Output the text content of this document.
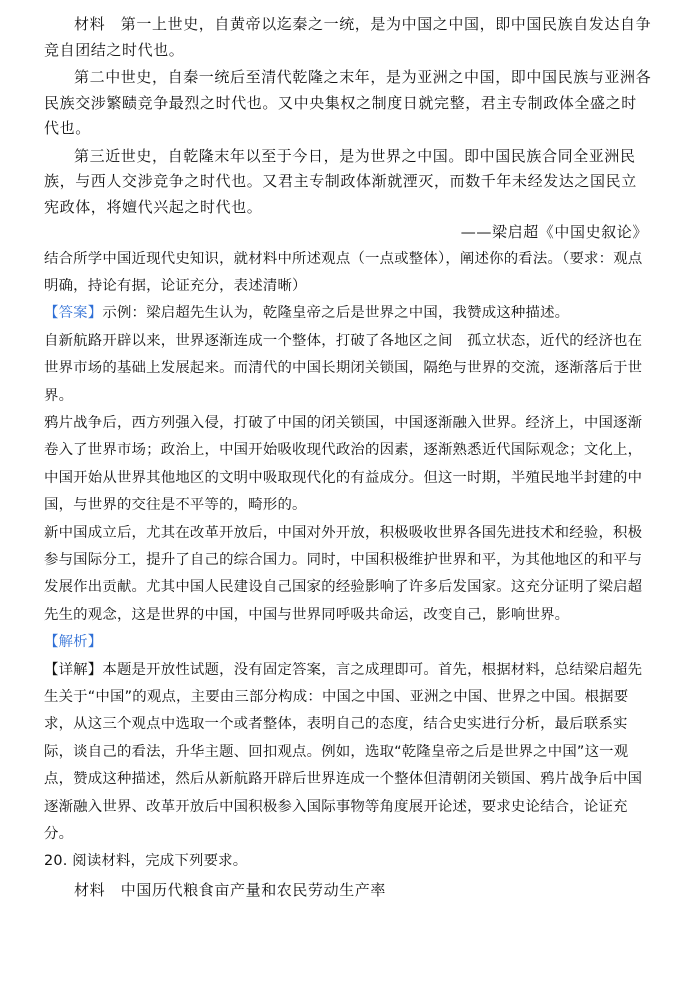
材料　第一上世史，自黄帝以迄秦之一统，是为中国之中国，即中国民族自发达自争竞自团结之时代也。

第二中世史，自秦一统后至清代乾隆之末年，是为亚洲之中国，即中国民族与亚洲各民族交涉繁赜竞争最烈之时代也。又中央集权之制度日就完整，君主专制政体全盛之时代也。

第三近世史，自乾隆末年以至于今日，是为世界之中国。即中国民族合同全亚洲民族，与西人交涉竞争之时代也。又君主专制政体渐就湮灭，而数千年未经发达之国民立宪政体，将嬗代兴起之时代也。

——梁启超《中国史叙论》

结合所学中国近现代史知识，就材料中所述观点（一点或整体），阐述你的看法。（要求：观点明确，持论有据，论证充分，表述清晰）

【答案】示例：梁启超先生认为，乾隆皇帝之后是世界之中国，我赞成这种描述。

自新航路开辟以来，世界逐渐连成一个整体，打破了各地区之间　孤立状态，近代的经济也在世界市场的基础上发展起来。而清代的中国长期闭关锁国，隔绝与世界的交流，逐渐落后于世界。

鸦片战争后，西方列强入侵，打破了中国的闭关锁国，中国逐渐融入世界。经济上，中国逐渐卷入了世界市场；政治上，中国开始吸收现代政治的因素，逐渐熟悉近代国际观念；文化上，中国开始从世界其他地区的文明中吸取现代化的有益成分。但这一时期，半殖民地半封建的中国，与世界的交往是不平等的，畸形的。

新中国成立后，尤其在改革开放后，中国对外开放，积极吸收世界各国先进技术和经验，积极参与国际分工，提升了自己的综合国力。同时，中国积极维护世界和平，为其他地区的和平与发展作出贡献。尤其中国人民建设自己国家的经验影响了许多后发国家。这充分证明了梁启超先生的观念，这是世界的中国，中国与世界同呼吸共命运，改变自己，影响世界。

【解析】

【详解】本题是开放性试题，没有固定答案，言之成理即可。首先，根据材料，总结梁启超先生关于“中国”的观点，主要由三部分构成：中国之中国、亚洲之中国、世界之中国。根据要求，从这三个观点中选取一个或者整体，表明自己的态度，结合史实进行分析，最后联系实际，谈自己的看法，升华主题、回扣观点。例如，选取“乾隆皇帝之后是世界之中国”这一观点，赞成这种描述，然后从新航路开辟后世界连成一个整体但清朝闭关锁国、鸦片战争后中国逐渐融入世界、改革开放后中国积极参入国际事物等角度展开论述，要求史论结合，论证充分。

20. 阅读材料，完成下列要求。

材料　中国历代粮食亩产量和农民劳动生产率
